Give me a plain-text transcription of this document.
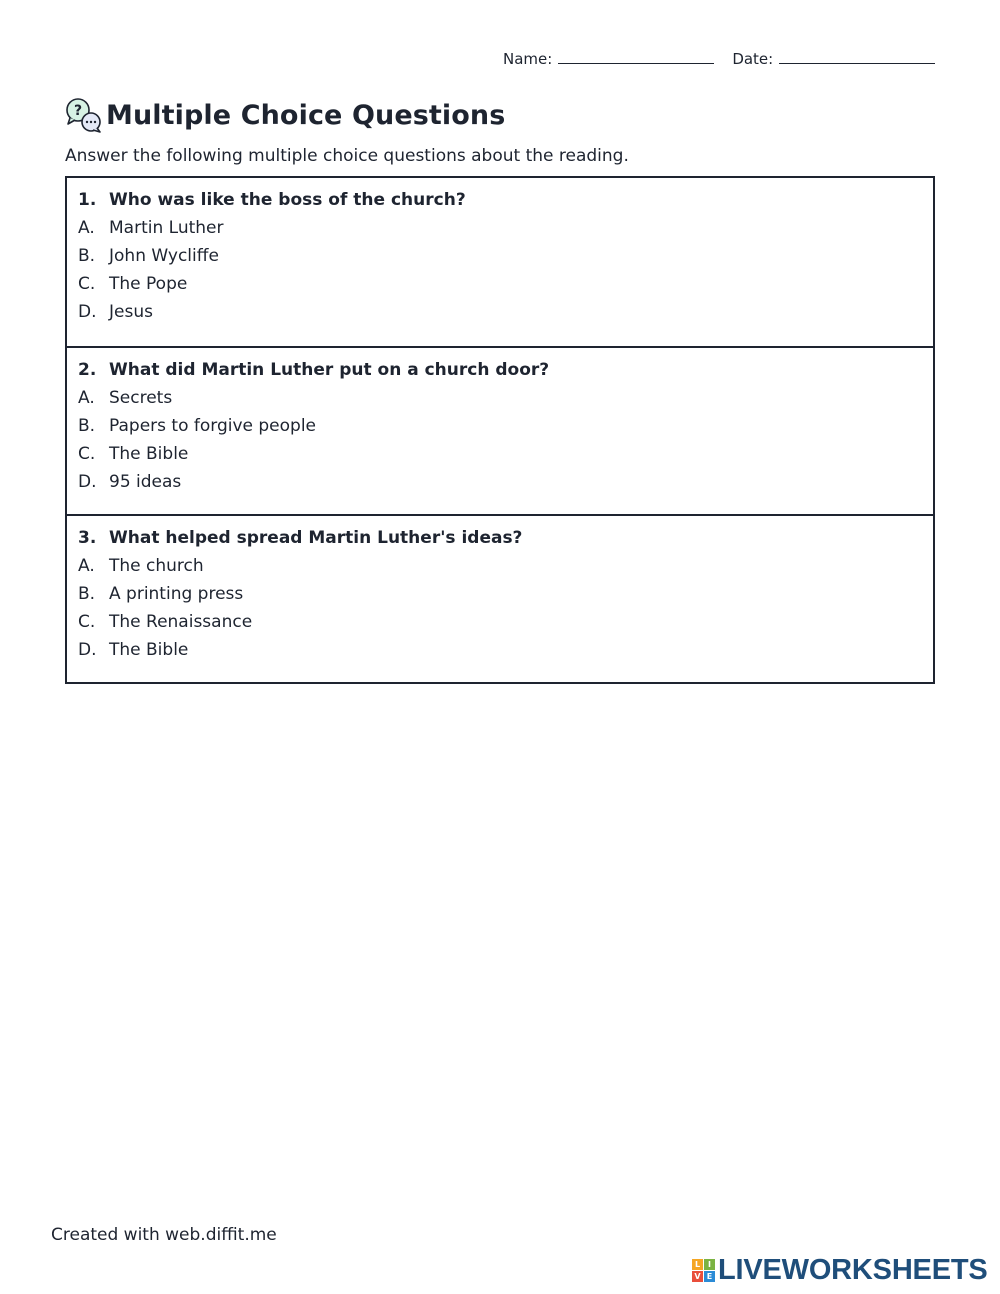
Name:	Date:
? Multiple Choice Questions
Answer the following multiple choice questions about the reading.
1. Who was like the boss of the church?
A. Martin Luther
B. John Wycliffe
C. The Pope
D. Jesus
2. What did Martin Luther put on a church door?
A. Secrets
B. Papers to forgive people
C. The Bible
D. 95 ideas
3. What helped spread Martin Luther's ideas?
A. The church
B. A printing press
C. The Renaissance
D. The Bible
Created with web.diffit.me
L I
V E LIVEWORKSHEETS
